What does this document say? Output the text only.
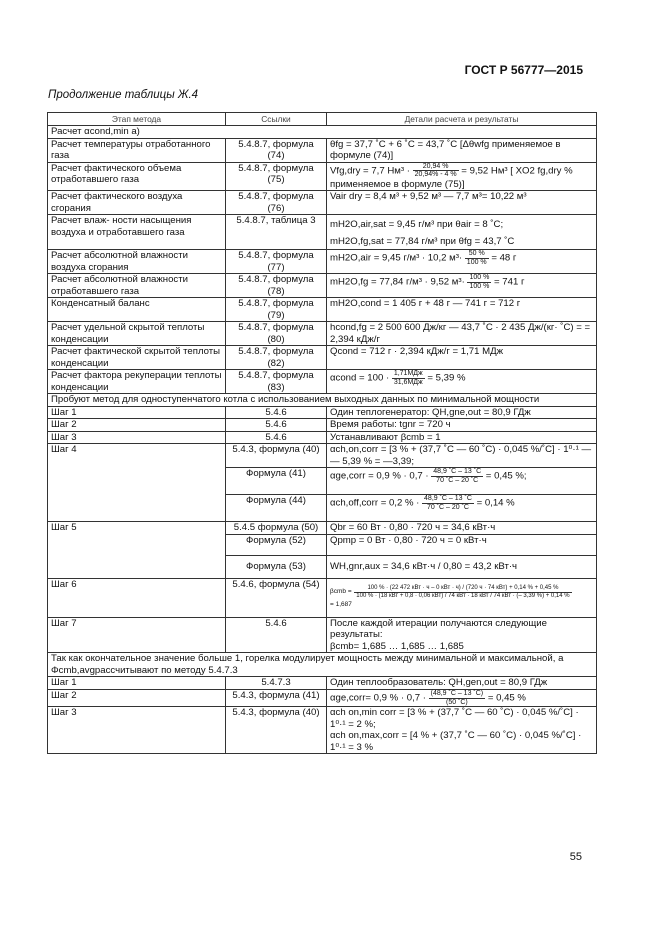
ГОСТ Р 56777—2015
Продолжение таблицы Ж.4
Этап метода	Ссылки	Детали расчета и результаты
Расчет αcond,min a)		
Расчет температуры отработанного газа	5.4.8.7, формула (74)	θfg = 37,7 ˚C + 6 ˚C = 43,7 ˚C [Δθwfg применяемое в формуле (74)]
Расчет фактического объема отработавшего газа	5.4.8.7, формула (75)	Vfg,dry = 7,7 $Нм^3 \cdot \frac{20,94 \%}{20,94\% - 4 \%} = 9,52$ Нм³ [ XO2 fg,dry %
применяемое в формуле (75)]
Расчет фактического воздуха сгорания	5.4.8.7, формула (76)	Vair dry = 8,4 м³ + 9,52 м³ — 7,7 м³= 10,22 м³
Расчет влаж- ности насыщения воздуха и отработавшего газа	5.4.8.7, таблица 3	mH2O,air,sat = 9,45 г/м³ при θair = 8 ˚C;
mH2O,fg,sat = 77,84 г/м³ при θfg = 43,7 ˚C

Расчет абсолютной влажности воздуха сгорания	5.4.8.7, формула (77)	mH2O,air = 9,45 г/м³ · 10,2 $м^3\cdot \frac{50 \%}{100 \%} = 48$ г
Расчет абсолютной влажности отработавшего газа	5.4.8.7, формула (78)	mH2O,fg = 77,84 г/м³ · 9,52 $м^3\cdot \frac{100 \%}{100 \%} = 741$ г
Конденсатный баланс	5.4.8.7, формула (79)	mH2O,cond = 1 405 г + 48 г — 741 г = 712 г
Расчет удельной скрытой теплоты конденсации	5.4.8.7, формула (80)	hcond,fg = 2 500 600 Дж/кг — 43,7 ˚C · 2 435 Дж/(кг· ˚C) = = 2,394 кДж/г
Расчет фактической скрытой теплоты конденсации	5.4.8.7, формула (82)	Qcond = 712 г · 2,394 кДж/г = 1,71 МДж
Расчет фактора рекуперации теплоты конденсации	5.4.8.7, формула (83)	αcond = $100 \cdot \frac{\text{1,71МДж}}{\text{31,6МДж}} = 5,39$ %
Пробуют метод для одноступенчатого котла с использованием выходных данных по минимальной мощности		
Шаг 1	5.4.6	Один теплогенератор: QH,gne,out = 80,9 ГДж
Шаг 2	5.4.6	Время работы: tgnr = 720 ч
Шаг 3	5.4.6	Устанавливают βcmb = 1
Шаг 4	5.4.3, формула (40)	αch,on,corr = [3 % + (37,7 ˚C — 60 ˚C) · 0,045 %/˚C] · 1⁰·¹ — — 5,39 % = —3,39;
	Формула (41)	αge,corr = 0,9 % · $0,7 \cdot \frac{48,9 ˚C - 13 ˚C}{70 ˚C - 20 ˚C} = 0,45$ %;
	Формула (44)	αch,off,corr = 0,2 % · $\frac{48,9 ˚C - 13 ˚C}{70 ˚C - 20 ˚C} = 0,14$ %
Шаг 5	5.4.5 формула (50)	Qbr = 60 Вт · 0,80 · 720 ч = 34,6 кВт·ч
	Формула (52)	Qpmp = 0 Вт · 0,80 · 720 ч = 0 кВт·ч
	Формула (53)	WH,gnr,aux = 34,6 кВт·ч / 0,80 = 43,2 кВт·ч
Шаг 6	5.4.6, формула (54)	βcmb =
100 % · (22 472 кВт · ч – 0 кВт · ч) / (720 ч · 74 кВт) + 0,14 % + 0,45 %
100 % · (18 кВт + 0,8 · 0,06 кВт) / 74 кВт · 18 кВт / 74 кВт · (– 3,39 %) + 0,14 %
= 1,687
Шаг 7	5.4.6	После каждой итерации получаются следующие результаты:
βcmb= 1,685 … 1,685 … 1,685

Так как окончательное значение больше 1, горелка модулирует мощность между минимальной и максимальной, а Φcmb,avgрассчитывают по методу 5.4.7.3		
Шаг 1	5.4.7.3	Один теплообразователь: QH,gen,out = 80,9 ГДж
Шаг 2	5.4.3, формула (41)	αge,corr= 0,9 % · $0,7 \cdot \frac{(48,9 ˚C - 13 ˚C)}{(50 ˚C)} = 0,45$ %
Шаг 3	5.4.3, формула (40)	αch on,min corr = [3 % + (37,7 ˚C — 60 ˚C) · 0,045 %/˚C] · 1⁰·¹ = 2 %;
αch on,max,corr = [4 % + (37,7 ˚C — 60 ˚C) · 0,045 %/˚C] · 1⁰·¹ = 3 %
55
